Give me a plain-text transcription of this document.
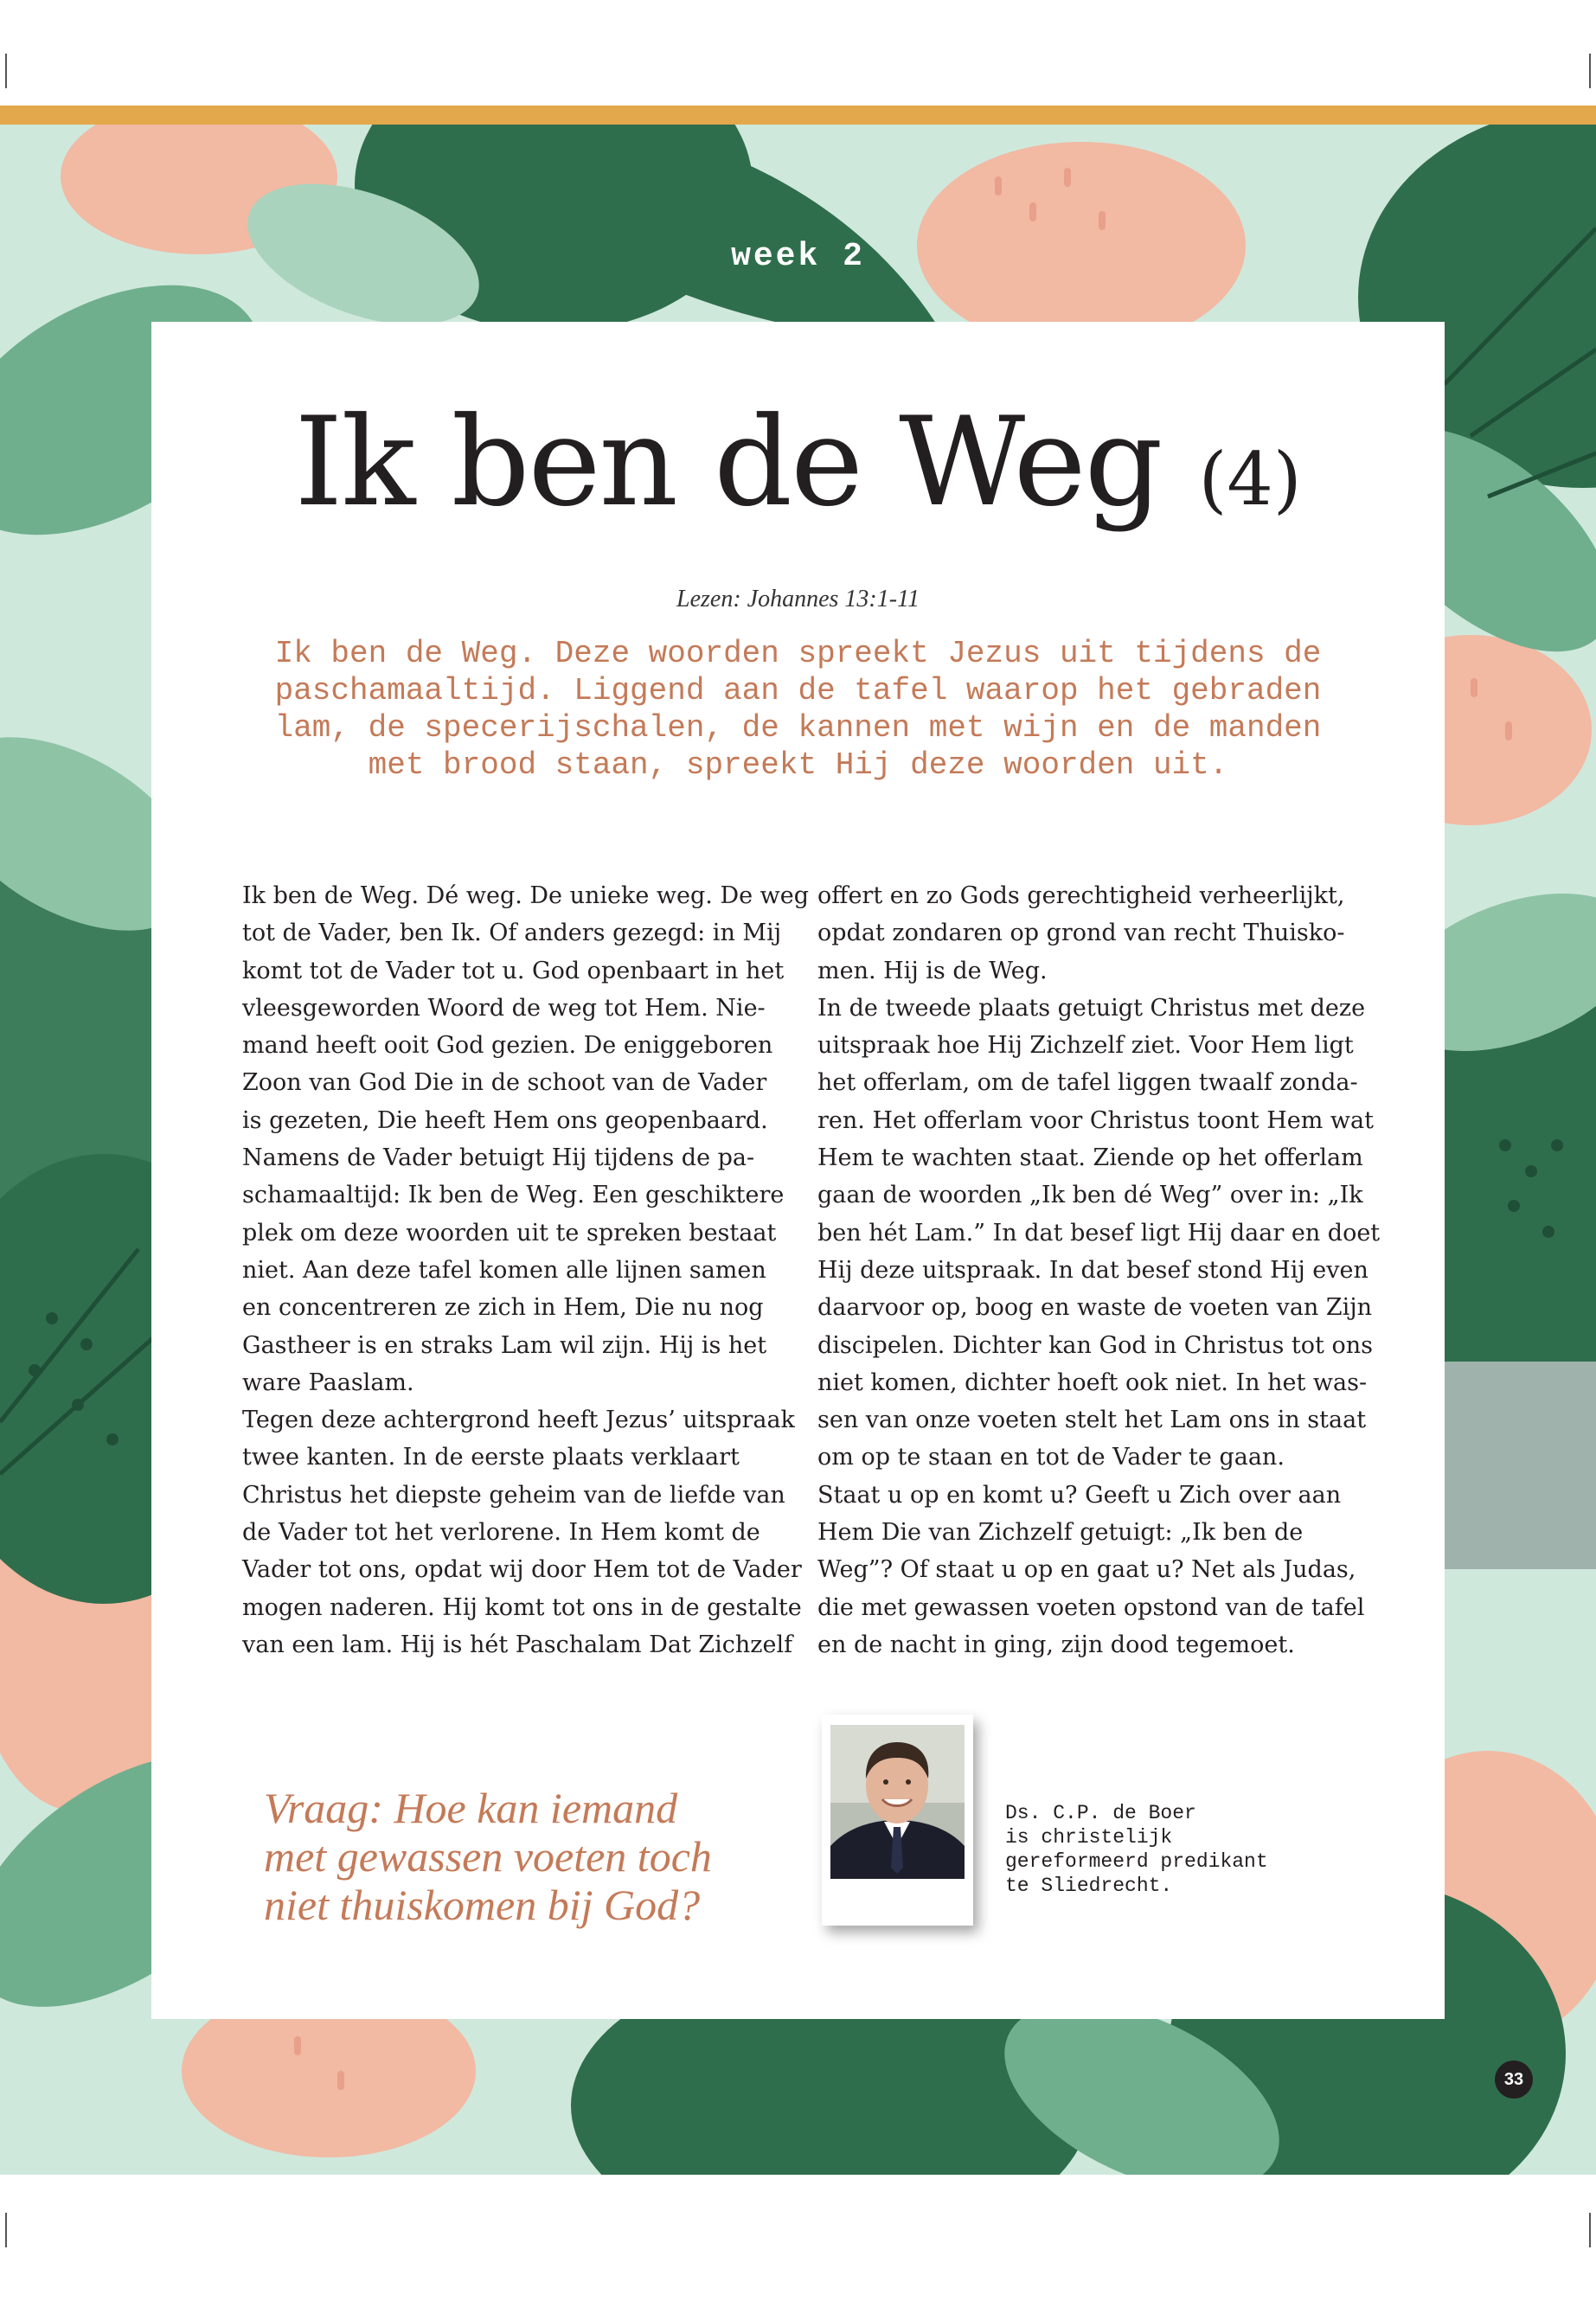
week 2
Ik ben de Weg (4)
Lezen: Johannes 13:1-11
Ik ben de Weg. Deze woorden spreekt Jezus uit tijdens de
paschamaaltijd. Liggend aan de tafel waarop het gebraden
lam, de specerijschalen, de kannen met wijn en de manden
met brood staan, spreekt Hij deze woorden uit.
Ik ben de Weg. Dé weg. De unieke weg. De weg
tot de Vader, ben Ik. Of anders gezegd: in Mij
komt tot de Vader tot u. God openbaart in het
vleesgeworden Woord de weg tot Hem. Nie-
mand heeft ooit God gezien. De eniggeboren
Zoon van God Die in de schoot van de Vader
is gezeten, Die heeft Hem ons geopenbaard.
Namens de Vader betuigt Hij tijdens de pa-
schamaaltijd: Ik ben de Weg. Een geschiktere
plek om deze woorden uit te spreken bestaat
niet. Aan deze tafel komen alle lijnen samen
en concentreren ze zich in Hem, Die nu nog
Gastheer is en straks Lam wil zijn. Hij is het
ware Paaslam.
Tegen deze achtergrond heeft Jezus’ uitspraak
twee kanten. In de eerste plaats verklaart
Christus het diepste geheim van de liefde van
de Vader tot het verlorene. In Hem komt de
Vader tot ons, opdat wij door Hem tot de Vader
mogen naderen. Hij komt tot ons in de gestalte
van een lam. Hij is hét Paschalam Dat Zichzelf
offert en zo Gods gerechtigheid verheerlijkt,
opdat zondaren op grond van recht Thuisko-
men. Hij is de Weg.
In de tweede plaats getuigt Christus met deze
uitspraak hoe Hij Zichzelf ziet. Voor Hem ligt
het offerlam, om de tafel liggen twaalf zonda-
ren. Het offerlam voor Christus toont Hem wat
Hem te wachten staat. Ziende op het offerlam
gaan de woorden „Ik ben dé Weg” over in: „Ik
ben hét Lam.” In dat besef ligt Hij daar en doet
Hij deze uitspraak. In dat besef stond Hij even
daarvoor op, boog en waste de voeten van Zijn
discipelen. Dichter kan God in Christus tot ons
niet komen, dichter hoeft ook niet. In het was-
sen van onze voeten stelt het Lam ons in staat
om op te staan en tot de Vader te gaan.
Staat u op en komt u? Geeft u Zich over aan
Hem Die van Zichzelf getuigt: „Ik ben de
Weg”? Of staat u op en gaat u? Net als Judas,
die met gewassen voeten opstond van de tafel
en de nacht in ging, zijn dood tegemoet.
Vraag: Hoe kan iemand
met gewassen voeten toch
niet thuiskomen bij God?
Ds. C.P. de Boer
is christelijk
gereformeerd predikant
te Sliedrecht.
33
